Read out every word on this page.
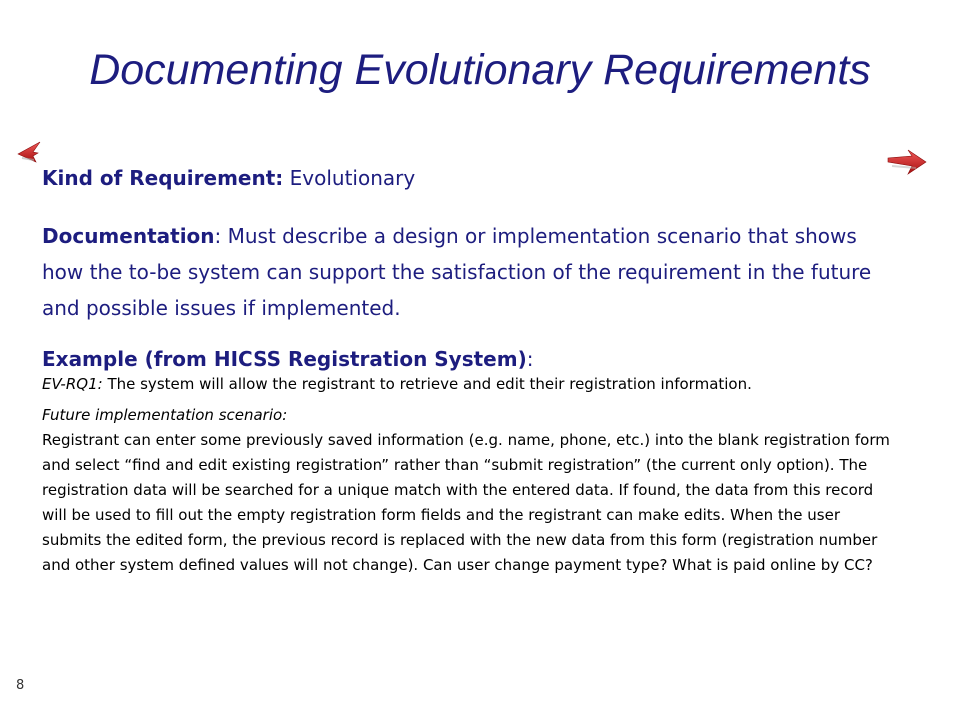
Documenting Evolutionary Requirements

Kind of Requirement: Evolutionary

Documentation: Must describe a design or implementation scenario that shows how the to-be system can support the satisfaction of the requirement in the future and possible issues if implemented.

Example (from HICSS Registration System):
EV-RQ1: The system will allow the registrant to retrieve and edit their registration information.
Future implementation scenario:
Registrant can enter some previously saved information (e.g. name, phone, etc.) into the blank registration form and select “find and edit existing registration” rather than “submit registration” (the current only option). The registration data will be searched for a unique match with the entered data. If found, the data from this record will be used to fill out the empty registration form fields and the registrant can make edits. When the user submits the edited form, the previous record is replaced with the new data from this form (registration number and other system defined values will not change). Can user change payment type? What is paid online by CC?
8
